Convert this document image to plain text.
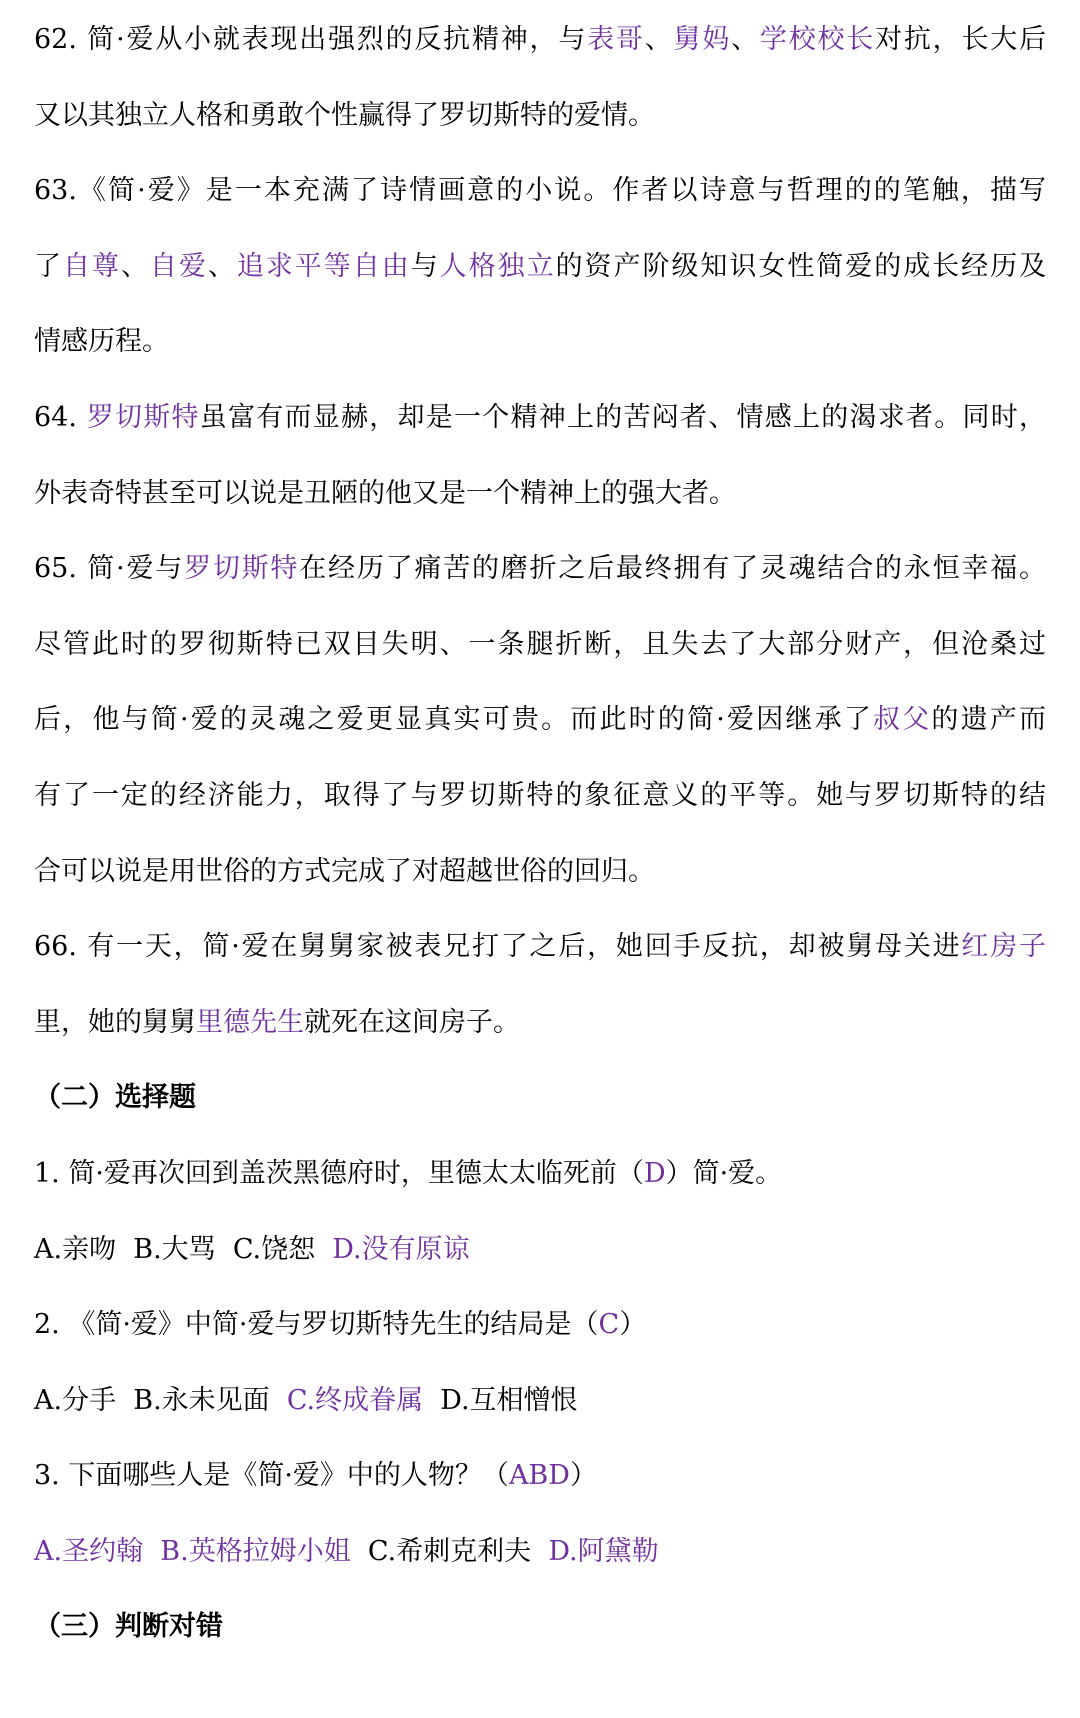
62. 简·爱从小就表现出强烈的反抗精神，与表哥、舅妈、学校校长对抗，长大后
又以其独立人格和勇敢个性赢得了罗切斯特的爱情。
63.《简·爱》是一本充满了诗情画意的小说。作者以诗意与哲理的的笔触，描写
了自尊、自爱、追求平等自由与人格独立的资产阶级知识女性简爱的成长经历及
情感历程。
64. 罗切斯特虽富有而显赫，却是一个精神上的苦闷者、情感上的渴求者。同时，
外表奇特甚至可以说是丑陋的他又是一个精神上的强大者。
65. 简·爱与罗切斯特在经历了痛苦的磨折之后最终拥有了灵魂结合的永恒幸福。
尽管此时的罗彻斯特已双目失明、一条腿折断，且失去了大部分财产，但沧桑过
后，他与简·爱的灵魂之爱更显真实可贵。而此时的简·爱因继承了叔父的遗产而
有了一定的经济能力，取得了与罗切斯特的象征意义的平等。她与罗切斯特的结
合可以说是用世俗的方式完成了对超越世俗的回归。
66. 有一天，简·爱在舅舅家被表兄打了之后，她回手反抗，却被舅母关进红房子
里，她的舅舅里德先生就死在这间房子。
（二）选择题
1. 简·爱再次回到盖茨黑德府时，里德太太临死前（D）简·爱。
A.亲吻  B.大骂  C.饶恕  D.没有原谅
2. 《简·爱》中简·爱与罗切斯特先生的结局是（C）
A.分手  B.永未见面  C.终成眷属  D.互相憎恨
3. 下面哪些人是《简·爱》中的人物？（ABD）
A.圣约翰 B.英格拉姆小姐  C.希刺克利夫  D.阿黛勒
（三）判断对错
